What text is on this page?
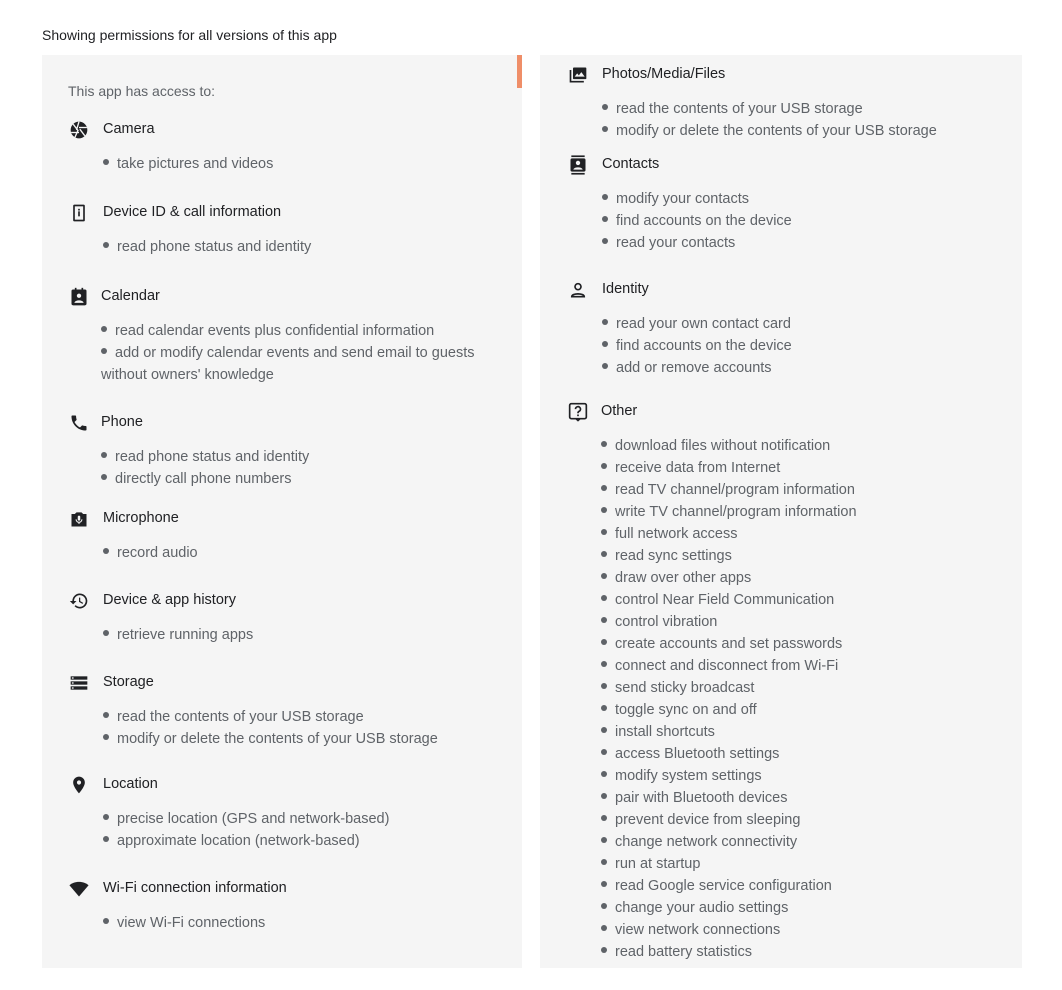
Showing permissions for all versions of this app
This app has access to:
Camera
take pictures and videos
Device ID & call information
read phone status and identity
Calendar
read calendar events plus confidential information
add or modify calendar events and send email to guests without owners' knowledge
Phone
read phone status and identity
directly call phone numbers
Microphone
record audio
Device & app history
retrieve running apps
Storage
read the contents of your USB storage
modify or delete the contents of your USB storage
Location
precise location (GPS and network-based)
approximate location (network-based)
Wi-Fi connection information
view Wi-Fi connections
Photos/Media/Files
read the contents of your USB storage
modify or delete the contents of your USB storage
Contacts
modify your contacts
find accounts on the device
read your contacts
Identity
read your own contact card
find accounts on the device
add or remove accounts
Other
download files without notification
receive data from Internet
read TV channel/program information
write TV channel/program information
full network access
read sync settings
draw over other apps
control Near Field Communication
control vibration
create accounts and set passwords
connect and disconnect from Wi-Fi
send sticky broadcast
toggle sync on and off
install shortcuts
access Bluetooth settings
modify system settings
pair with Bluetooth devices
prevent device from sleeping
change network connectivity
run at startup
read Google service configuration
change your audio settings
view network connections
read battery statistics
